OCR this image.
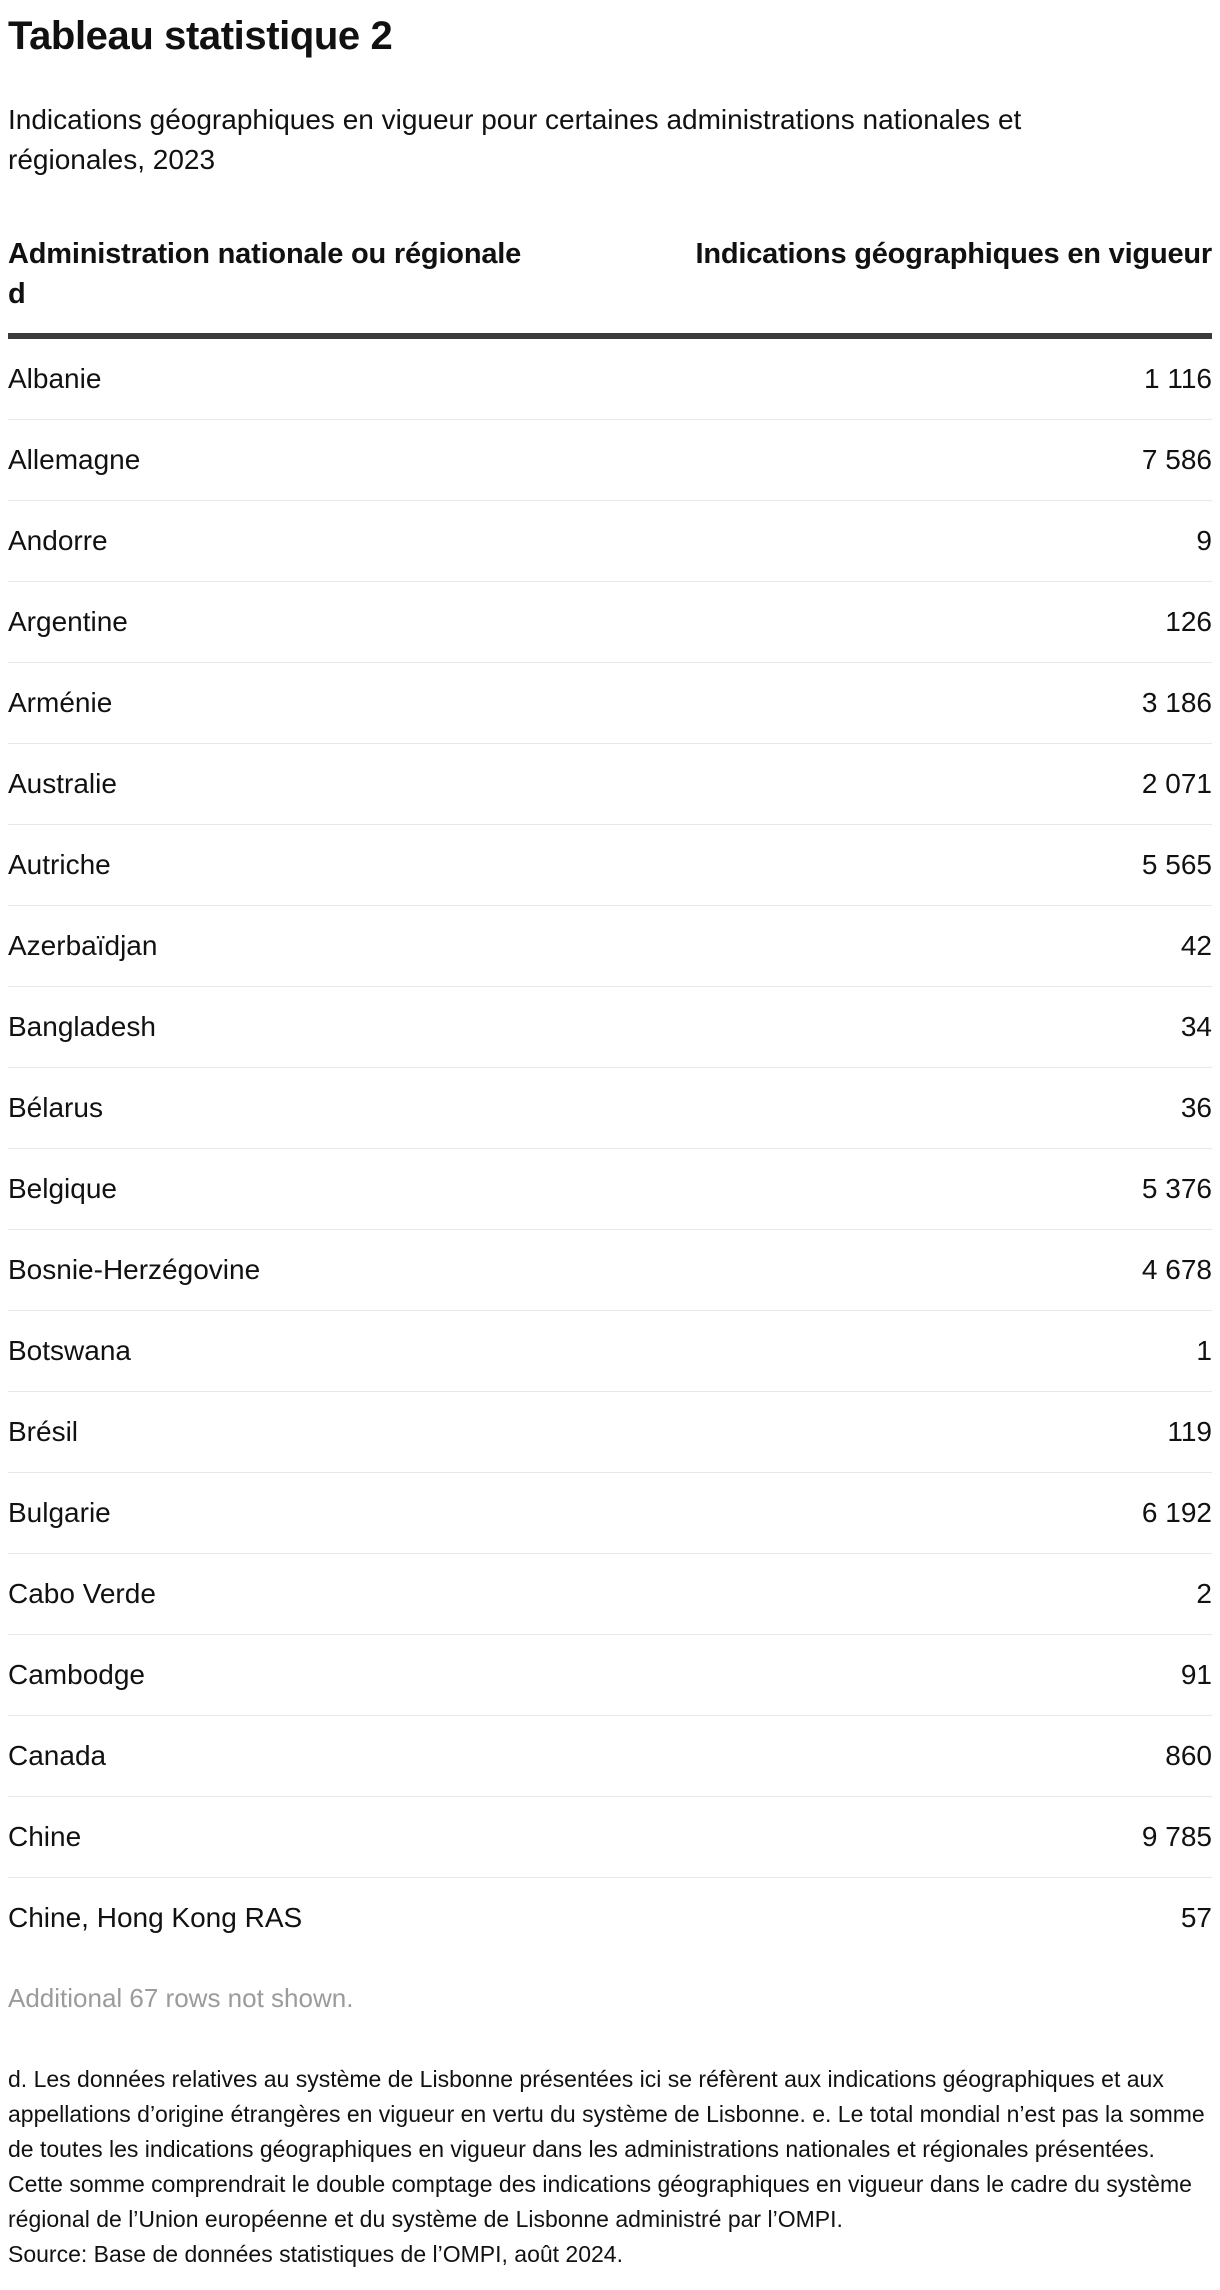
Tableau statistique 2

Indications géographiques en vigueur pour certaines administrations nationales et régionales, 2023

Administration nationale ou régionale d
Indications géographiques en vigueur
Albanie	1 116
Allemagne	7 586
Andorre	9
Argentine	126
Arménie	3 186
Australie	2 071
Autriche	5 565
Azerbaïdjan	42
Bangladesh	34
Bélarus	36
Belgique	5 376
Bosnie-Herzégovine	4 678
Botswana	1
Brésil	119
Bulgarie	6 192
Cabo Verde	2
Cambodge	91
Canada	860
Chine	9 785
Chine, Hong Kong RAS	57

Additional 67 rows not shown.

d. Les données relatives au système de Lisbonne présentées ici se réfèrent aux indications géographiques et aux appellations d’origine étrangères en vigueur en vertu du système de Lisbonne. e. Le total mondial n’est pas la somme de toutes les indications géographiques en vigueur dans les administrations nationales et régionales présentées. Cette somme comprendrait le double comptage des indications géographiques en vigueur dans le cadre du système régional de l’Union européenne et du système de Lisbonne administré par l’OMPI.

Source: Base de données statistiques de l’OMPI, août 2024.
